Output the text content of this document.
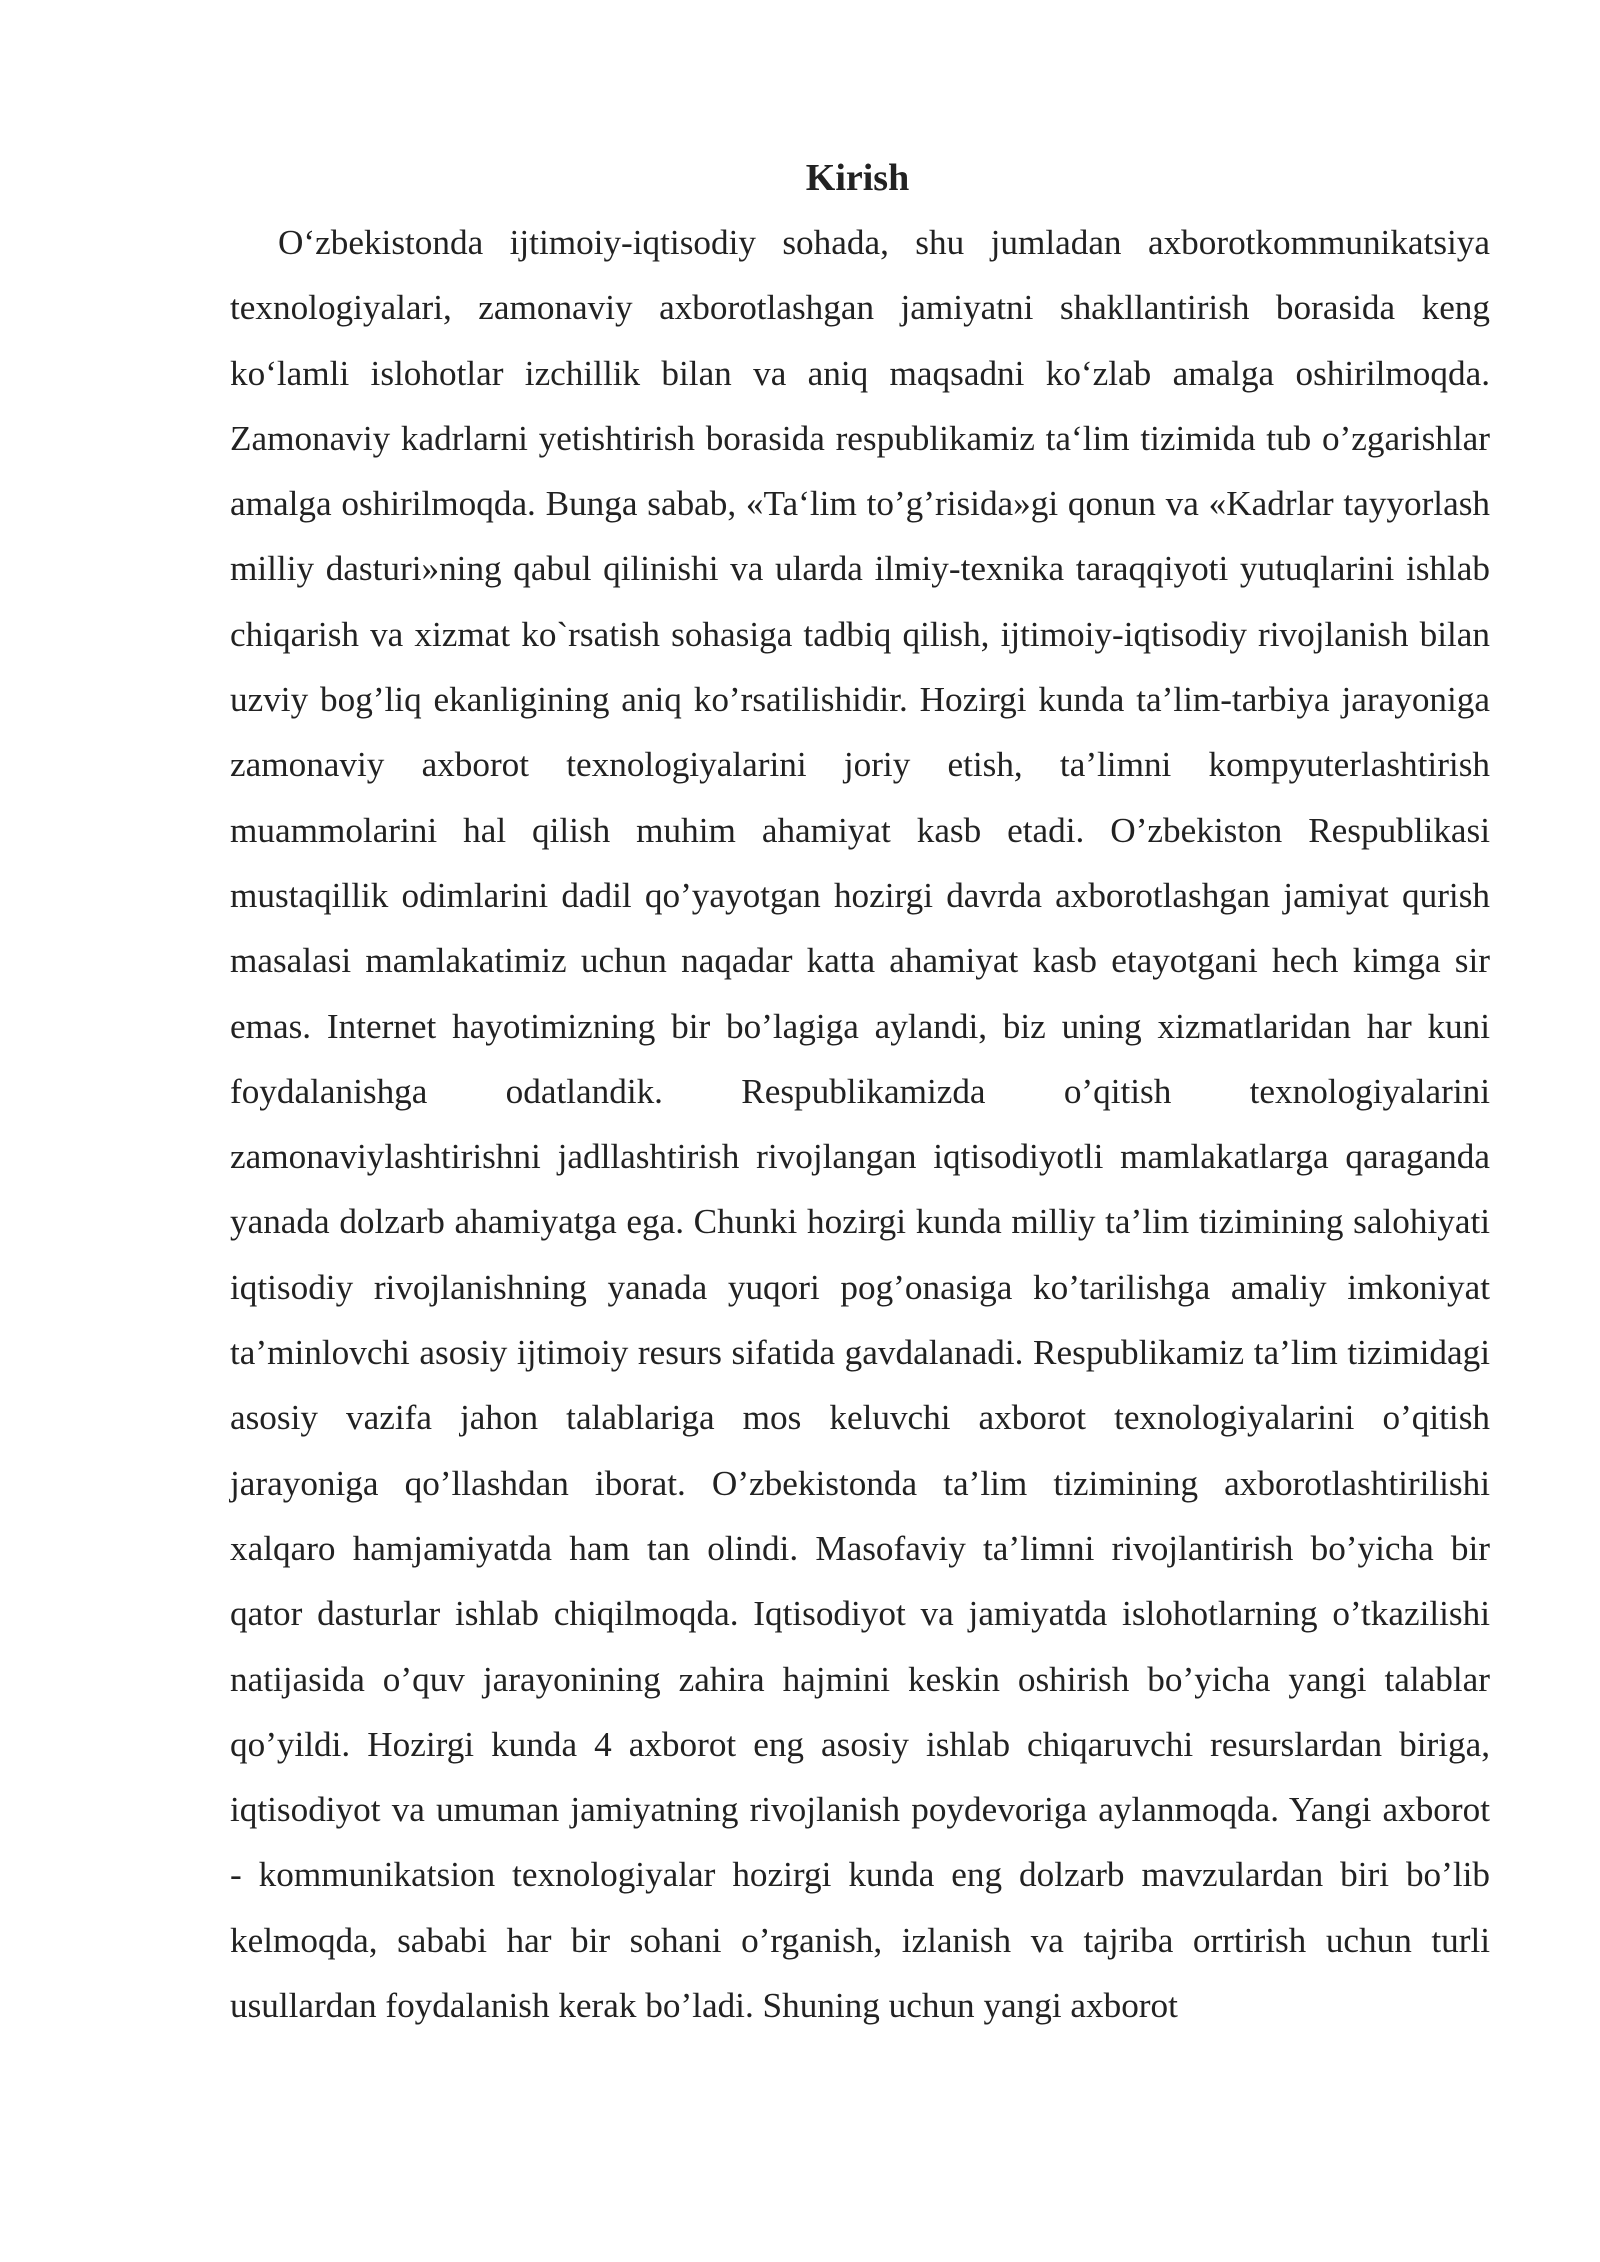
Kirish

O‘zbekistonda ijtimoiy-iqtisodiy sohada, shu jumladan axborotkommunikatsiya texnologiyalari, zamonaviy axborotlashgan jamiyatni shakllantirish borasida keng ko‘lamli islohotlar izchillik bilan va aniq maqsadni ko‘zlab amalga oshirilmoqda. Zamonaviy kadrlarni yetishtirish borasida respublikamiz ta‘lim tizimida tub o’zgarishlar amalga oshirilmoqda. Bunga sabab, «Ta‘lim to’g’risida»gi qonun va «Kadrlar tayyorlash milliy dasturi»ning qabul qilinishi va ularda ilmiy-texnika taraqqiyoti yutuqlarini ishlab chiqarish va xizmat ko`rsatish sohasiga tadbiq qilish, ijtimoiy-iqtisodiy rivojlanish bilan uzviy bog’liq ekanligining aniq ko’rsatilishidir. Hozirgi kunda ta’lim-tarbiya jarayoniga zamonaviy axborot texnologiyalarini joriy etish, ta’limni kompyuterlashtirish muammolarini hal qilish muhim ahamiyat kasb etadi. O’zbekiston Respublikasi mustaqillik odimlarini dadil qo’yayotgan hozirgi davrda axborotlashgan jamiyat qurish masalasi mamlakatimiz uchun naqadar katta ahamiyat kasb etayotgani hech kimga sir emas. Internet hayotimizning bir bo’lagiga aylandi, biz uning xizmatlaridan har kuni foydalanishga odatlandik. Respublikamizda o’qitish texnologiyalarini zamonaviylashtirishni jadllashtirish rivojlangan iqtisodiyotli mamlakatlarga qaraganda yanada dolzarb ahamiyatga ega. Chunki hozirgi kunda milliy ta’lim tizimining salohiyati iqtisodiy rivojlanishning yanada yuqori pog’onasiga ko’tarilishga amaliy imkoniyat ta’minlovchi asosiy ijtimoiy resurs sifatida gavdalanadi. Respublikamiz ta’lim tizimidagi asosiy vazifa jahon talablariga mos keluvchi axborot texnologiyalarini o’qitish jarayoniga qo’llashdan iborat. O’zbekistonda ta’lim tizimining axborotlashtirilishi xalqaro hamjamiyatda ham tan olindi. Masofaviy ta’limni rivojlantirish bo’yicha bir qator dasturlar ishlab chiqilmoqda. Iqtisodiyot va jamiyatda islohotlarning o’tkazilishi natijasida o’quv jarayonining zahira hajmini keskin oshirish bo’yicha yangi talablar qo’yildi. Hozirgi kunda 4 axborot eng asosiy ishlab chiqaruvchi resurslardan biriga, iqtisodiyot va umuman jamiyatning rivojlanish poydevoriga aylanmoqda. Yangi axborot - kommunikatsion texnologiyalar hozirgi kunda eng dolzarb mavzulardan biri bo’lib kelmoqda, sababi har bir sohani o’rganish, izlanish va tajriba orrtirish uchun turli usullardan foydalanish kerak bo’ladi. Shuning uchun yangi axborot
